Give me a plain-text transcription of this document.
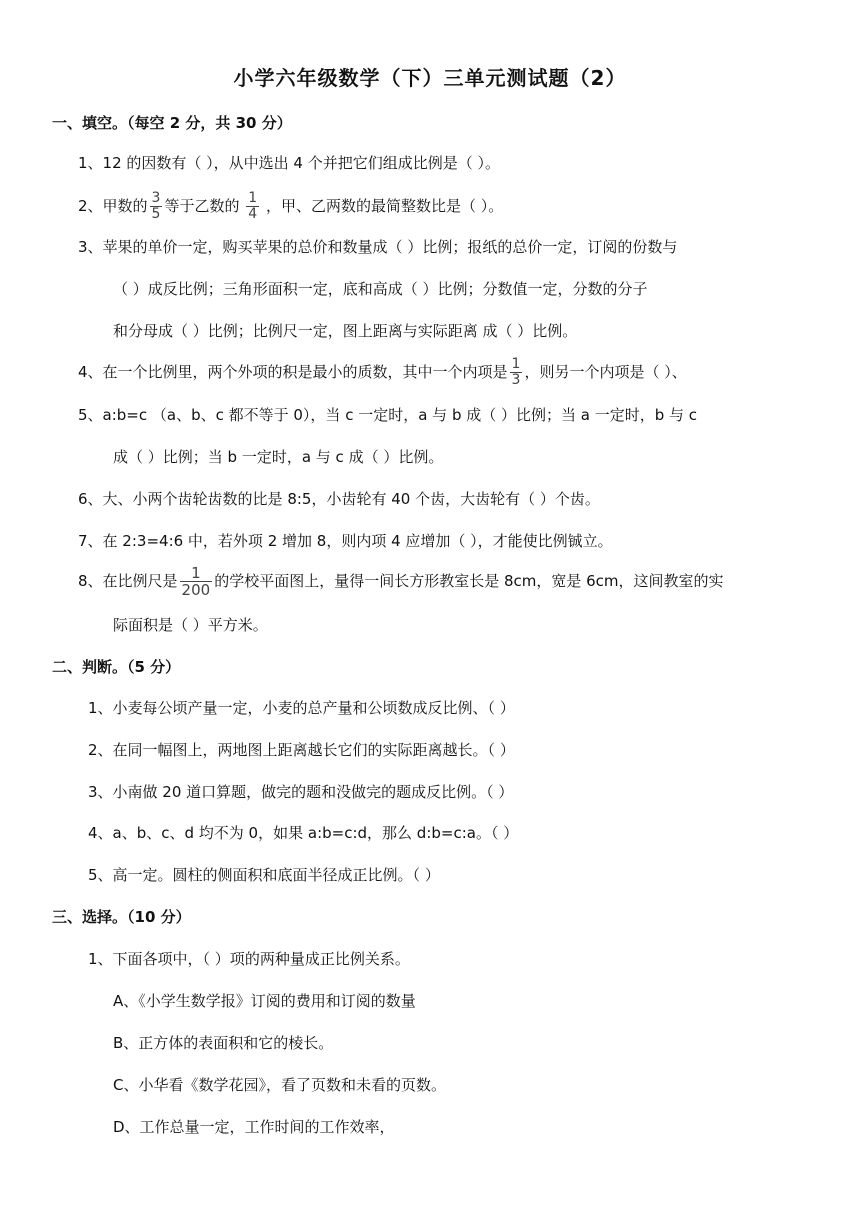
小学六年级数学（下）三单元测试题（2）
一、填空。（每空 2 分，共 30 分）
1、12 的因数有（ ），从中选出 4 个并把它们组成比例是（ ）。
2、甲数的 $\frac{3}{5}$ 等于乙数的 $\frac{1}{4}$ ，甲、乙两数的最简整数比是（ ）。
3、苹果的单价一定，购买苹果的总价和数量成（ ）比例；报纸的总价一定，订阅的份数与
（ ）成反比例；三角形面积一定，底和高成（ ）比例；分数值一定，分数的分子
和分母成（ ）比例；比例尺一定，图上距离与实际距离 成（ ）比例。
4、在一个比例里，两个外项的积是最小的质数，其中一个内项是 $\frac{1}{3}$ ，则另一个内项是（ ）、
5、a:b=c （a、b、c 都不等于 0），当 c 一定时，a 与 b 成（ ）比例；当 a 一定时，b 与 c
成（ ）比例；当 b 一定时，a 与 c 成（ ）比例。
6、大、小两个齿轮齿数的比是 8:5，小齿轮有 40 个齿，大齿轮有（ ）个齿。
7、在 2:3=4:6 中，若外项 2 增加 8，则内项 4 应增加（ ），才能使比例铖立。
8、在比例尺是 $\frac{1}{200}$ 的学校平面图上，量得一间长方形教室长是 8cm，宽是 6cm，这间教室的实
际面积是（ ）平方米。
二、判断。（5 分）
1、小麦每公顷产量一定，小麦的总产量和公顷数成反比例、（ ）
2、在同一幅图上，两地图上距离越长它们的实际距离越长。（ ）
3、小南做 20 道口算题，做完的题和没做完的题成反比例。（ ）
4、a、b、c、d 均不为 0，如果 a:b=c:d，那么 d:b=c:a。（ ）
5、高一定。圆柱的侧面积和底面半径成正比例。（ ）
三、选择。（10 分）
1、下面各项中，（ ）项的两种量成正比例关系。
A、《小学生数学报》订阅的费用和订阅的数量
B、正方体的表面积和它的棱长。
C、小华看《数学花园》，看了页数和未看的页数。
D、工作总量一定，工作时间的工作效率，
